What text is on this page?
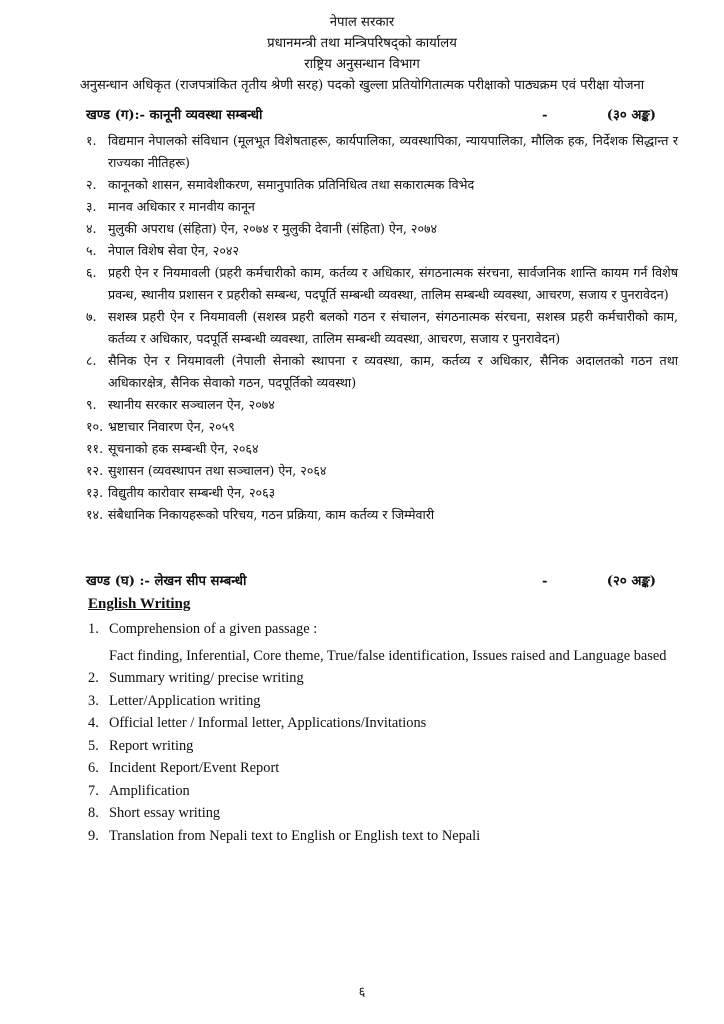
नेपाल सरकार
प्रधानमन्त्री तथा मन्त्रिपरिषद्को कार्यालय
राष्ट्रिय अनुसन्धान विभाग
अनुसन्धान अधिकृत (राजपत्रांकित तृतीय श्रेणी सरह) पदको खुल्ला प्रतियोगितात्मक परीक्षाको पाठ्यक्रम एवं परीक्षा योजना
खण्ड (ग):- कानूनी व्यवस्था सम्बन्धी	-	(३० अङ्क)
१. विद्यमान नेपालको संविधान (मूलभूत विशेषताहरू, कार्यपालिका, व्यवस्थापिका, न्यायपालिका, मौलिक हक, निर्देशक सिद्धान्त र राज्यका नीतिहरू)
२. कानूनको शासन, समावेशीकरण, समानुपातिक प्रतिनिधित्व तथा सकारात्मक विभेद
३. मानव अधिकार र मानवीय कानून
४. मुलुकी अपराध (संहिता) ऐन, २०७४ र मुलुकी देवानी (संहिता) ऐन, २०७४
५. नेपाल विशेष सेवा ऐन, २०४२
६. प्रहरी ऐन र नियमावली (प्रहरी कर्मचारीको काम, कर्तव्य र अधिकार, संगठनात्मक संरचना, सार्वजनिक शान्ति कायम गर्न विशेष प्रवन्ध, स्थानीय प्रशासन र प्रहरीको सम्बन्ध, पदपूर्ति सम्बन्धी व्यवस्था, तालिम सम्बन्धी व्यवस्था, आचरण, सजाय र पुनरावेदन)
७. सशस्त्र प्रहरी ऐन र नियमावली (सशस्त्र प्रहरी बलको गठन र संचालन, संगठनात्मक संरचना, सशस्त्र प्रहरी कर्मचारीको काम, कर्तव्य र अधिकार, पदपूर्ति सम्बन्धी व्यवस्था, तालिम सम्बन्धी व्यवस्था, आचरण, सजाय र पुनरावेदन)
८. सैनिक ऐन र नियमावली (नेपाली सेनाको स्थापना र व्यवस्था, काम, कर्तव्य र अधिकार, सैनिक अदालतको गठन तथा अधिकारक्षेत्र, सैनिक सेवाको गठन, पदपूर्तिको व्यवस्था)
९. स्थानीय सरकार सञ्चालन ऐन, २०७४
१०. भ्रष्टाचार निवारण ऐन, २०५९
११. सूचनाको हक सम्बन्धी ऐन, २०६४
१२. सुशासन (व्यवस्थापन तथा सञ्चालन) ऐन, २०६४
१३. विद्युतीय कारोवार सम्बन्धी ऐन, २०६३
१४. संबैधानिक निकायहरूको परिचय, गठन प्रक्रिया, काम कर्तव्य र जिम्मेवारी
खण्ड (घ) :- लेखन सीप सम्बन्धी	-	(२० अङ्क)
English Writing
1. Comprehension of a given passage :
Fact finding, Inferential, Core theme, True/false identification, Issues raised and Language based
2. Summary writing/ precise writing
3. Letter/Application writing
4. Official letter / Informal letter, Applications/Invitations
5. Report writing
6. Incident Report/Event Report
7. Amplification
8. Short essay writing
9. Translation from Nepali text to English or English text to Nepali
६
